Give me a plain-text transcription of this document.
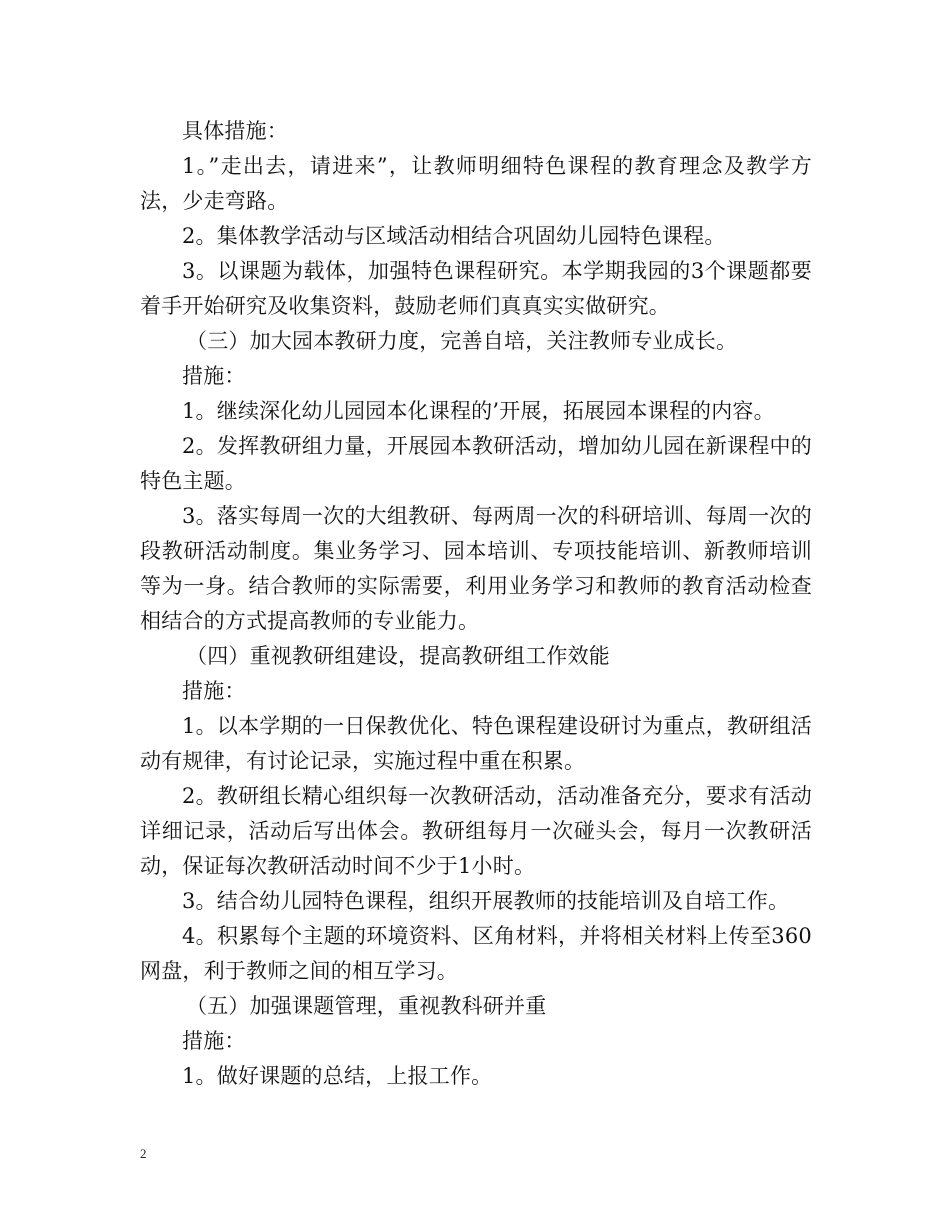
具体措施：

1。”走出去，请进来”，让教师明细特色课程的教育理念及教学方法，少走弯路。

2。集体教学活动与区域活动相结合巩固幼儿园特色课程。

3。以课题为载体，加强特色课程研究。本学期我园的3个课题都要着手开始研究及收集资料，鼓励老师们真真实实做研究。

（三）加大园本教研力度，完善自培，关注教师专业成长。

措施：

1。继续深化幼儿园园本化课程的’开展，拓展园本课程的内容。

2。发挥教研组力量，开展园本教研活动，增加幼儿园在新课程中的特色主题。

3。落实每周一次的大组教研、每两周一次的科研培训、每周一次的段教研活动制度。集业务学习、园本培训、专项技能培训、新教师培训等为一身。结合教师的实际需要，利用业务学习和教师的教育活动检查相结合的方式提高教师的专业能力。

（四）重视教研组建设，提高教研组工作效能

措施：

1。以本学期的一日保教优化、特色课程建设研讨为重点，教研组活动有规律，有讨论记录，实施过程中重在积累。

2。教研组长精心组织每一次教研活动，活动准备充分，要求有活动详细记录，活动后写出体会。教研组每月一次碰头会，每月一次教研活动，保证每次教研活动时间不少于1小时。

3。结合幼儿园特色课程，组织开展教师的技能培训及自培工作。

4。积累每个主题的环境资料、区角材料，并将相关材料上传至360网盘，利于教师之间的相互学习。

（五）加强课题管理，重视教科研并重

措施：

1。做好课题的总结，上报工作。

2
